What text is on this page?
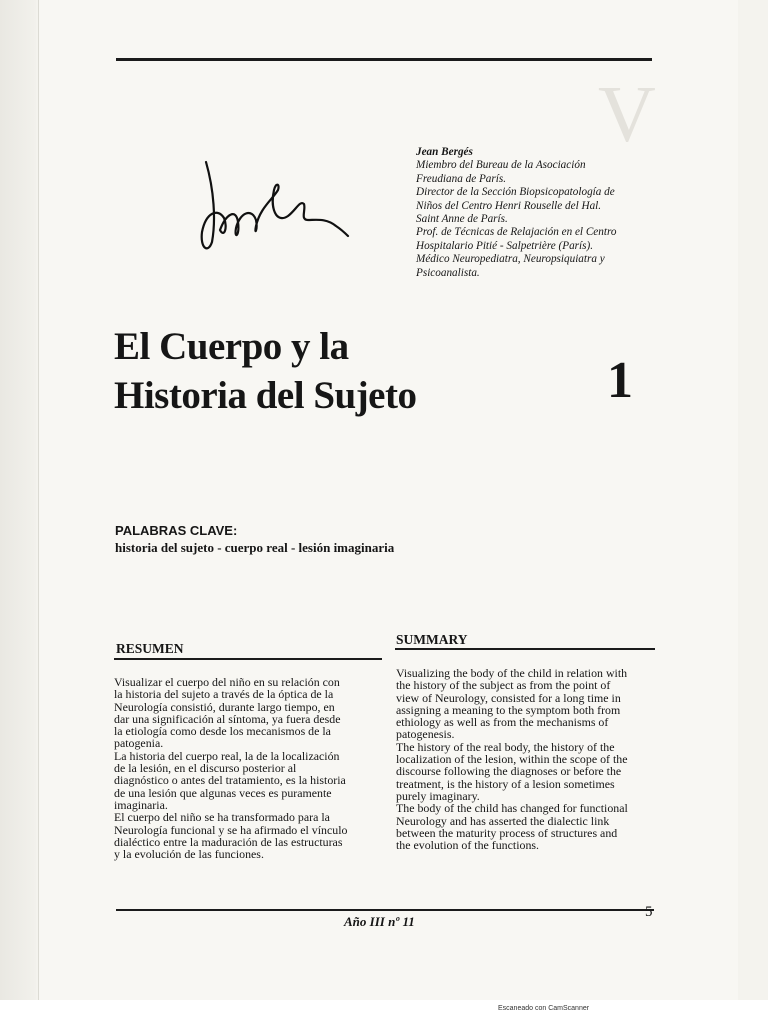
V
Jean Bergés
Miembro del Bureau de la Asociación
Freudiana de París.
Director de la Sección Biopsicopatología de
Niños del Centro Henri Rouselle del Hal.
Saint Anne de París.
Prof. de Técnicas de Relajación en el Centro
Hospitalario Pitié - Salpetrière (París).
Médico Neuropediatra, Neuropsiquiatra y
Psicoanalista.
El Cuerpo y la
Historia del Sujeto	1
PALABRAS CLAVE:
historia del sujeto - cuerpo real - lesión imaginaria
RESUMEN

Visualizar el cuerpo del niño en su relación con

la historia del sujeto a través de la óptica de la

Neurología consistió, durante largo tiempo, en

dar una significación al síntoma, ya fuera desde

la etiología como desde los mecanismos de la

patogenia.

La historia del cuerpo real, la de la localización

de la lesión, en el discurso posterior al

diagnóstico o antes del tratamiento, es la historia

de una lesión que algunas veces es puramente

imaginaria.

El cuerpo del niño se ha transformado para la

Neurología funcional y se ha afirmado el vínculo

dialéctico entre la maduración de las estructuras

y la evolución de las funciones.

SUMMARY

Visualizing the body of the child in relation with

the history of the subject as from the point of

view of Neurology, consisted for a long time in

assigning a meaning to the symptom both from

ethiology as well as from the mechanisms of

patogenesis.

The history of the real body, the history of the

localization of the lesion, within the scope of the

discourse following the diagnoses or before the

treatment, is the history of a lesion sometimes

purely imaginary.

The body of the child has changed for functional

Neurology and has asserted the dialectic link

between the maturity process of structures and

the evolution of the functions.

Año III nº 11
5
Escaneado con CamScanner
